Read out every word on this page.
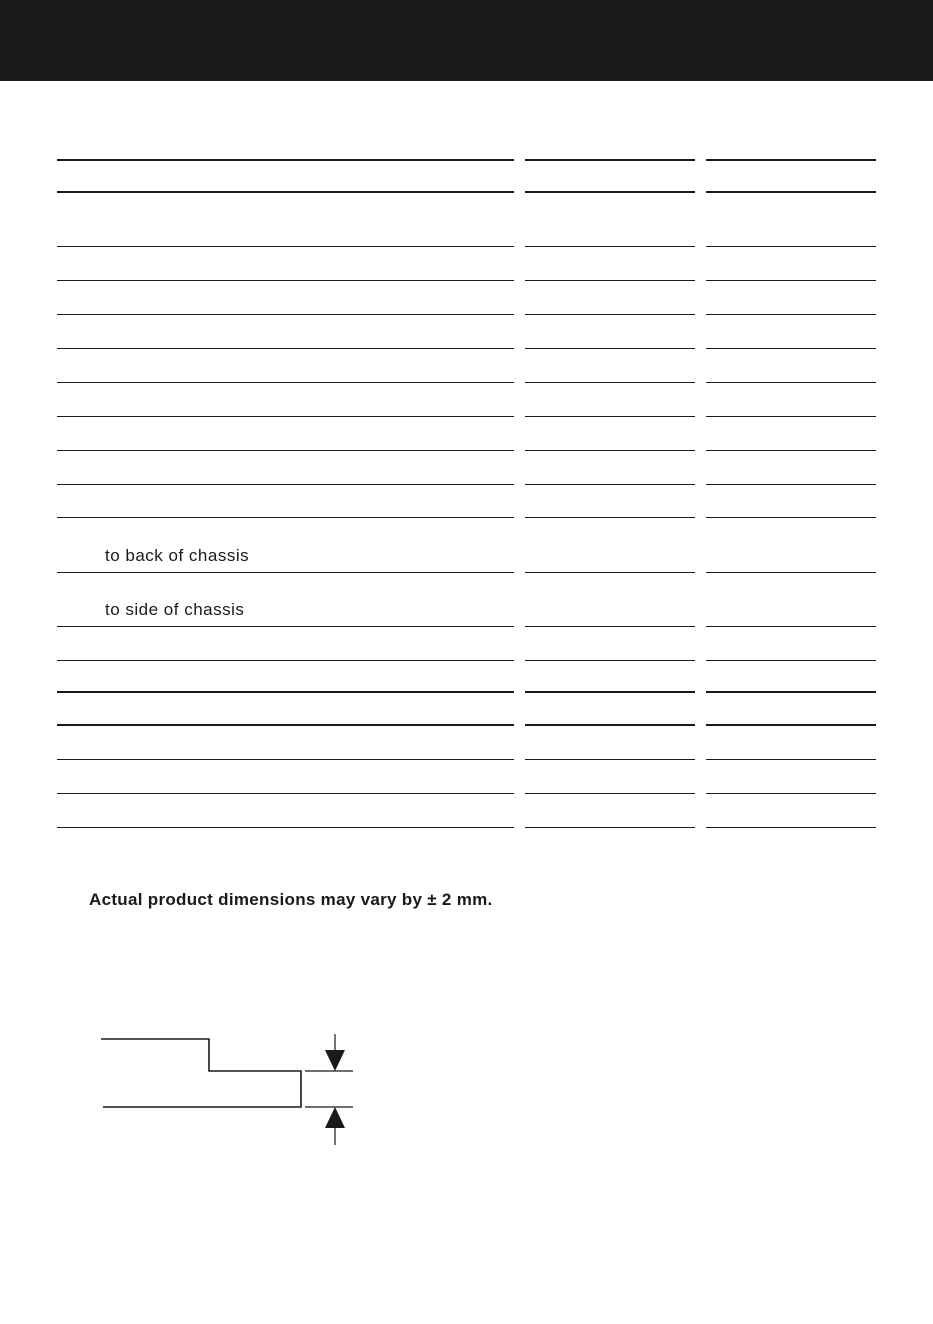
to back of chassis
to side of chassis
Actual product dimensions may vary by ± 2 mm.
